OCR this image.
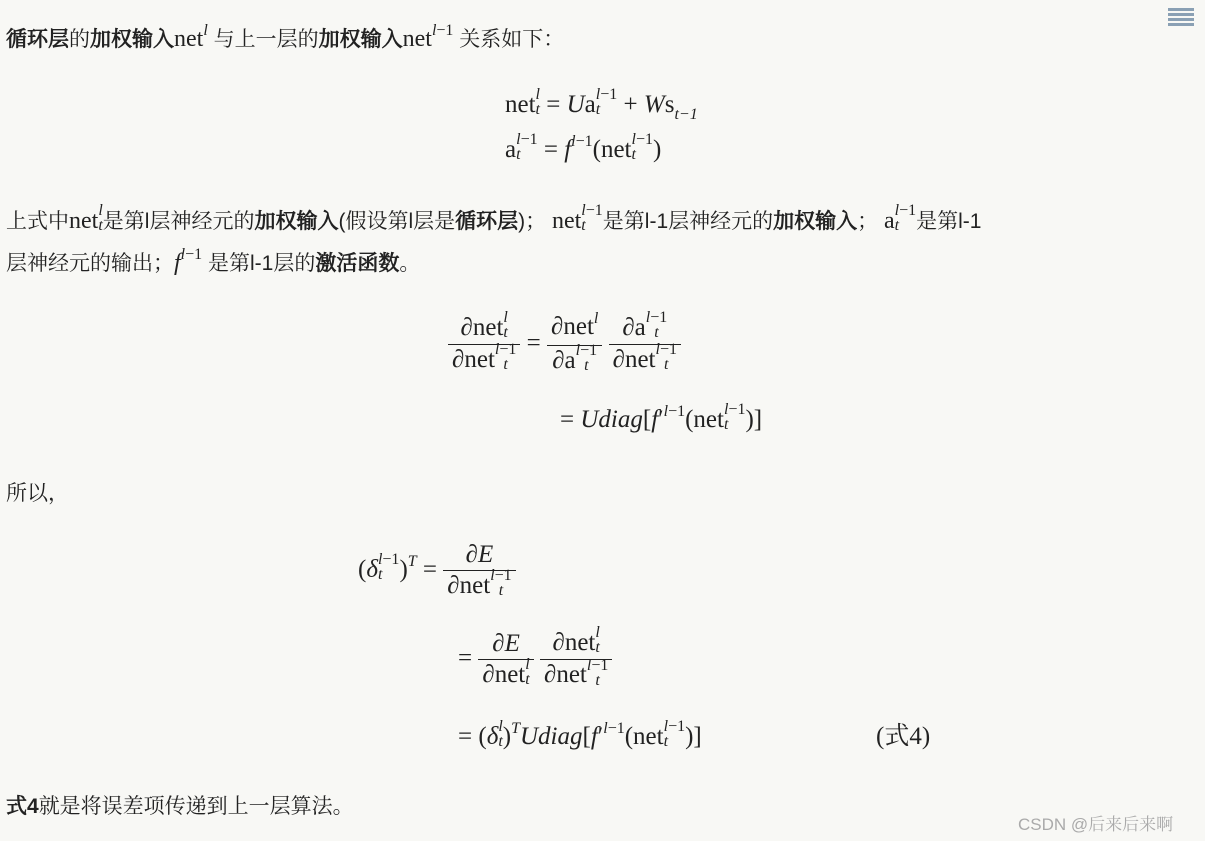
循环层的加权输入net$^l$ 与上一层的加权输入net$^{l-1}$ 关系如下：
net l
t = Ua l−1
$t + Ws_{t-1}$
a l−1
$t = f^{l-1}(net$ l−1
t )
上式中net l
t 是第l层神经元的加权输入(假设第l层是循环层)； net l−1
t 是第l-1层神经元的加权输入； a l−1
t 是第l-1
层神经元的输出；$f^{l-1}$ 是第l-1层的激活函数。
∂net l
t
∂net l−1
t = ∂net$^l$
∂a l−1
t
∂a l−1
t
∂net l−1
t
= $Udiag[f'^{l-1}(net$ l−1
t )]
所以，
(δ l−1
t )$^T$ = ∂E
∂net l−1
t
= ∂E
∂net l
t
∂net l
t
∂net l−1
t
= (δ l
t )$^TUdiag[f'^{l-1}(net$ l−1
t )]	(式4)
式4就是将误差项传递到上一层算法。
CSDN @后来后来啊
